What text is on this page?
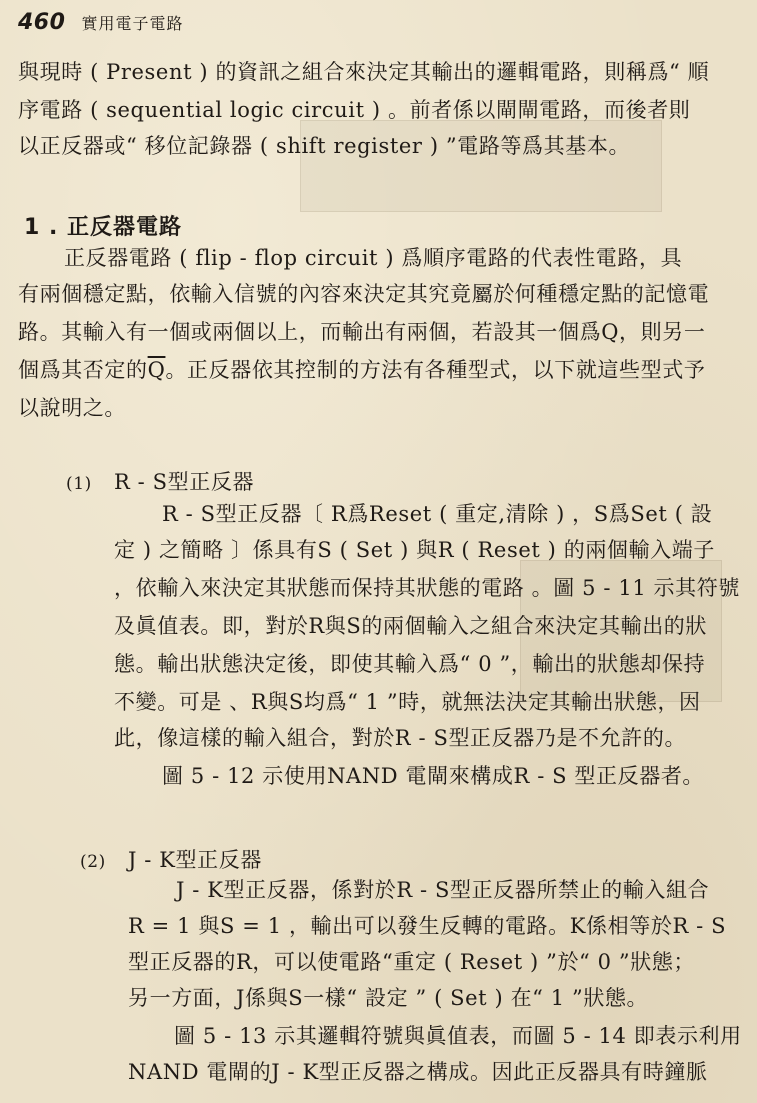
460 實用電子電路
與現時 ( Present ) 的資訊之組合來決定其輸出的邏輯電路，則稱爲“ 順
序電路 ( sequential logic circuit ) 。前者係以閘閘電路，而後者則
以正反器或“ 移位記錄器 ( shift register ) ”電路等爲其基本。
1 . 正反器電路
正反器電路 ( flip - flop circuit ) 爲順序電路的代表性電路，具
有兩個穩定點，依輸入信號的內容來決定其究竟屬於何種穩定點的記憶電
路。其輸入有一個或兩個以上，而輸出有兩個，若設其一個爲Q，則另一
個爲其否定的$\overline{Q}$。正反器依其控制的方法有各種型式，以下就這些型式予
以說明之。
(1) R - S型正反器
R - S型正反器〔 R爲Reset ( 重定,清除 ) ，S爲Set ( 設
定 ) 之簡略 〕係具有S ( Set ) 與R ( Reset ) 的兩個輸入端子
，依輸入來決定其狀態而保持其狀態的電路 。圖 5 - 11 示其符號
及眞值表。即，對於R與S的兩個輸入之組合來決定其輸出的狀
態。輸出狀態決定後，即使其輸入爲“ 0 ”，輸出的狀態却保持
不變。可是 、R與S均爲“ 1 ”時，就無法決定其輸出狀態，因
此，像這樣的輸入組合，對於R - S型正反器乃是不允許的。
圖 5 - 12 示使用NAND 電閘來構成R - S 型正反器者。
(2) J - K型正反器
J - K型正反器，係對於R - S型正反器所禁止的輸入組合
R = 1 與S = 1 ，輸出可以發生反轉的電路。K係相等於R - S
型正反器的R，可以使電路“重定 ( Reset ) ”於“ 0 ”狀態；
另一方面，J係與S一樣“ 設定 ” ( Set ) 在“ 1 ”狀態。
圖 5 - 13 示其邏輯符號與眞值表，而圖 5 - 14 即表示利用
NAND 電閘的J - K型正反器之構成。因此正反器具有時鐘脈
